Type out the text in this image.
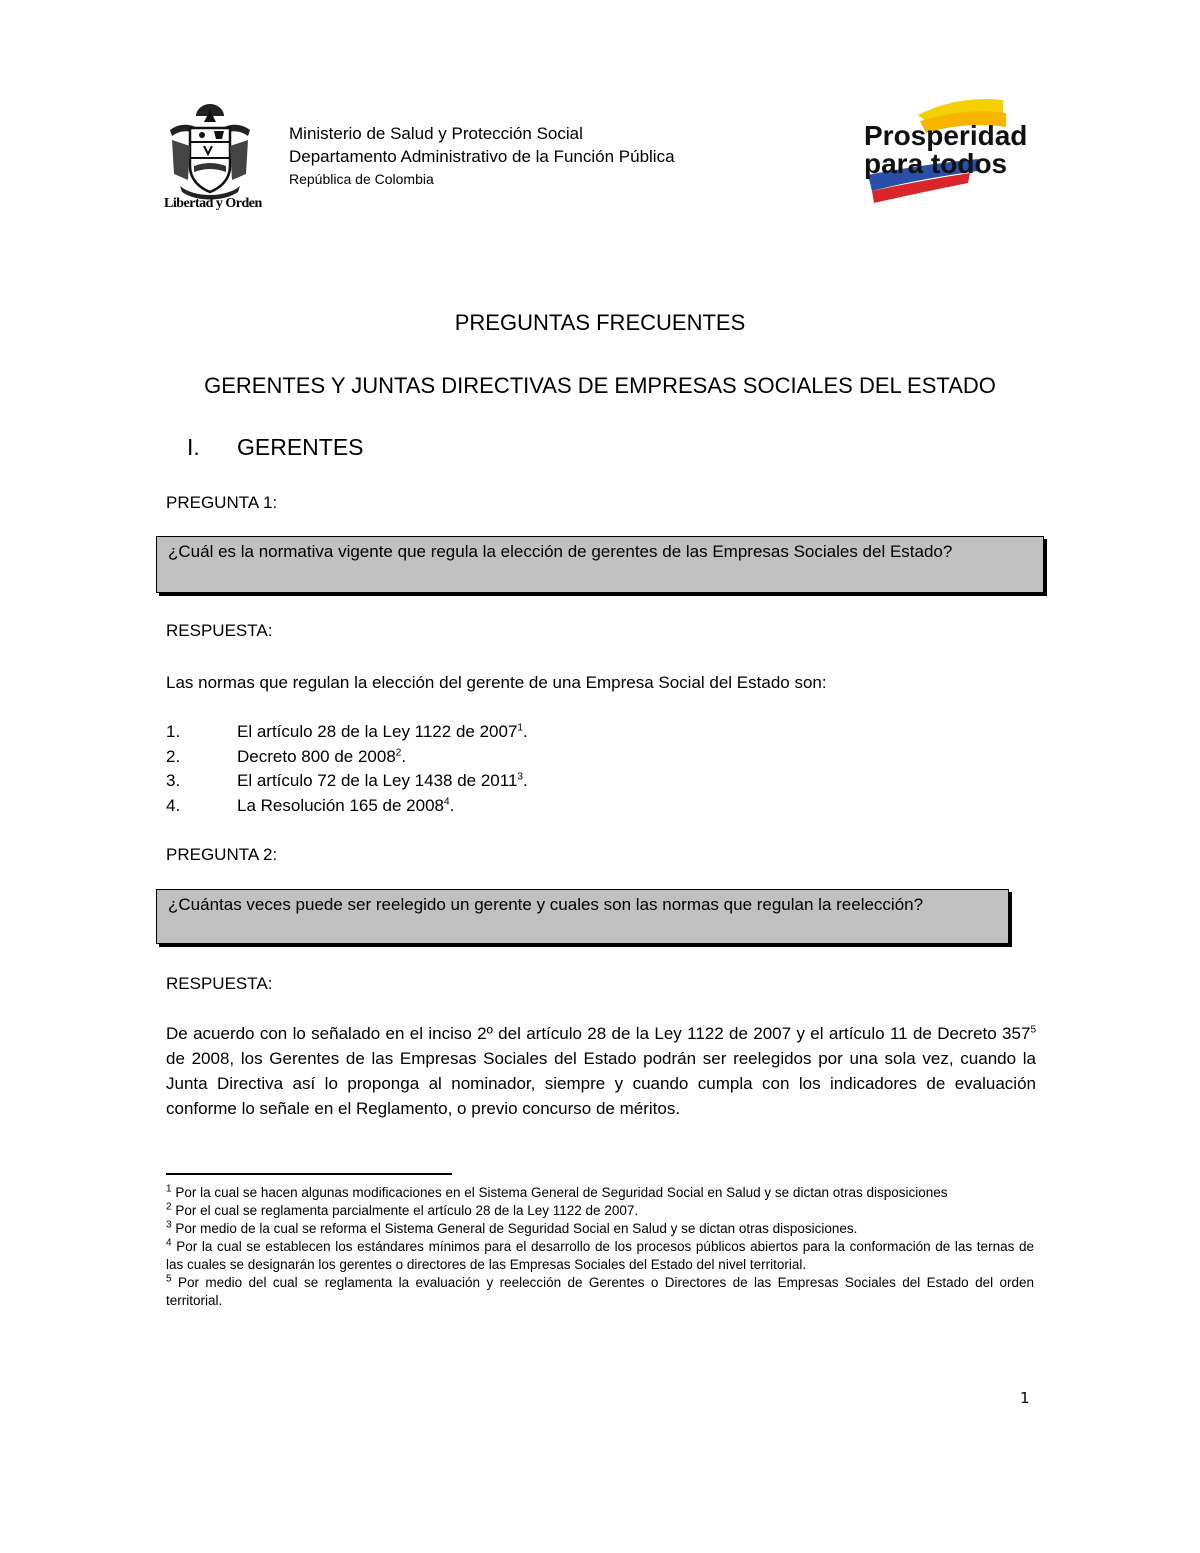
Libertad y Orden
Ministerio de Salud y Protección Social
Departamento Administrativo de la Función Pública
República de Colombia
Prosperidad
para todos
PREGUNTAS FRECUENTES
GERENTES Y JUNTAS DIRECTIVAS DE EMPRESAS SOCIALES DEL ESTADO
I. GERENTES
PREGUNTA 1:
¿Cuál es la normativa vigente que regula la elección de gerentes de las Empresas Sociales del Estado?
RESPUESTA:
Las normas que regulan la elección del gerente de una Empresa Social del Estado son:
1.	El artículo 28 de la Ley 1122 de 2007$^1$.
2.	Decreto 800 de 2008$^2$.
3.	El artículo 72 de la Ley 1438 de 2011$^3$.
4.	La Resolución 165 de 2008$^4$.
PREGUNTA 2:
¿Cuántas veces puede ser reelegido un gerente y cuales son las normas que regulan la reelección?
RESPUESTA:
De acuerdo con lo señalado en el inciso 2º del artículo 28 de la Ley 1122 de 2007 y el artículo 11 de Decreto $357^5$ de 2008, los Gerentes de las Empresas Sociales del Estado podrán ser reelegidos por una sola vez, cuando la Junta Directiva así lo proponga al nominador, siempre y cuando cumpla con los indicadores de evaluación conforme lo señale en el Reglamento, o previo concurso de méritos.
$^1$ Por la cual se hacen algunas modificaciones en el Sistema General de Seguridad Social en Salud y se dictan otras disposiciones
$^2$ Por el cual se reglamenta parcialmente el artículo 28 de la Ley 1122 de 2007.
$^3$ Por medio de la cual se reforma el Sistema General de Seguridad Social en Salud y se dictan otras disposiciones.
$^4$ Por la cual se establecen los estándares mínimos para el desarrollo de los procesos públicos abiertos para la conformación de las ternas de las cuales se designarán los gerentes o directores de las Empresas Sociales del Estado del nivel territorial.
$^5$ Por medio del cual se reglamenta la evaluación y reelección de Gerentes o Directores de las Empresas Sociales del Estado del orden territorial.
1
